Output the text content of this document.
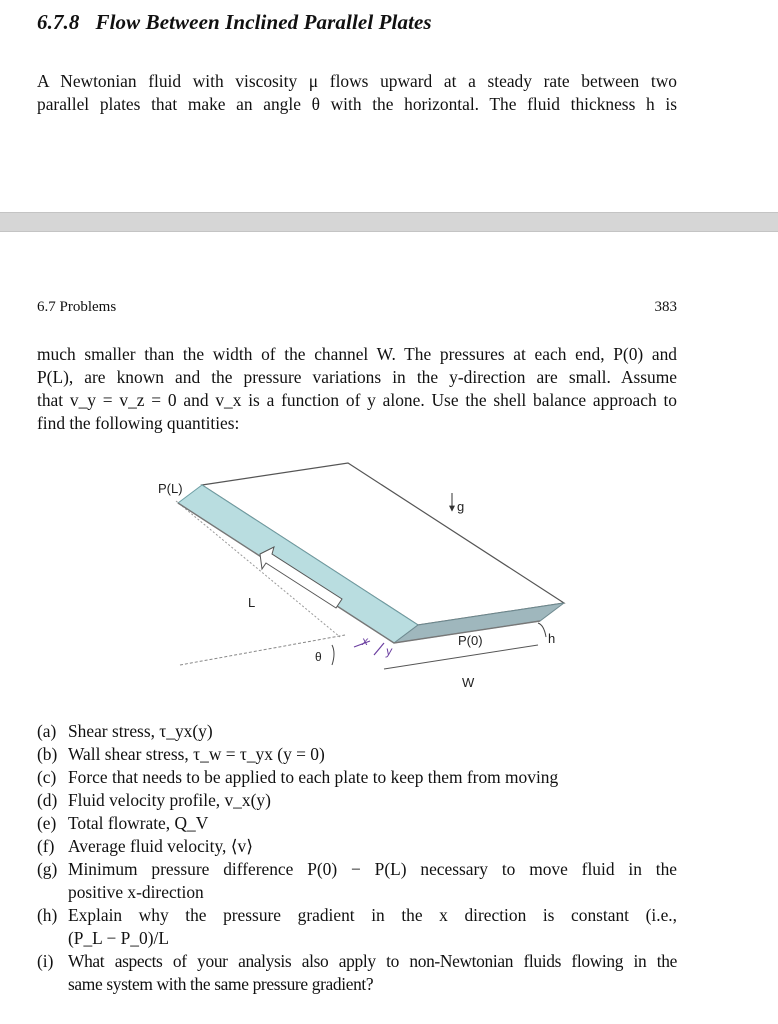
6.7.8 Flow Between Inclined Parallel Plates

A Newtonian fluid with viscosity μ flows upward at a steady rate between two
parallel plates that make an angle θ with the horizontal. The fluid thickness h is

6.7 Problems	383

much smaller than the width of the channel W. The pressures at each end, P(0) and
P(L), are known and the pressure variations in the y-direction are small. Assume
that v_y = v_z = 0 and v_x is a function of y alone. Use the shell balance approach to
find the following quantities:

g
P(L)
L
P(0)	h
W
θ
x
y
(a) Shear stress, τ_yx(y)
(b) Wall shear stress, τ_w = τ_yx (y = 0)
(c) Force that needs to be applied to each plate to keep them from moving
(d) Fluid velocity profile, v_x(y)
(e) Total flowrate, Q_V
(f) Average fluid velocity, ⟨v⟩
(g) Minimum pressure difference P(0) − P(L) necessary to move fluid in the
positive x-direction
(h) Explain why the pressure gradient in the x direction is constant (i.e.,
(P_L − P_0)/L
(i) What aspects of your analysis also apply to non-Newtonian fluids flowing in the
same system with the same pressure gradient?
